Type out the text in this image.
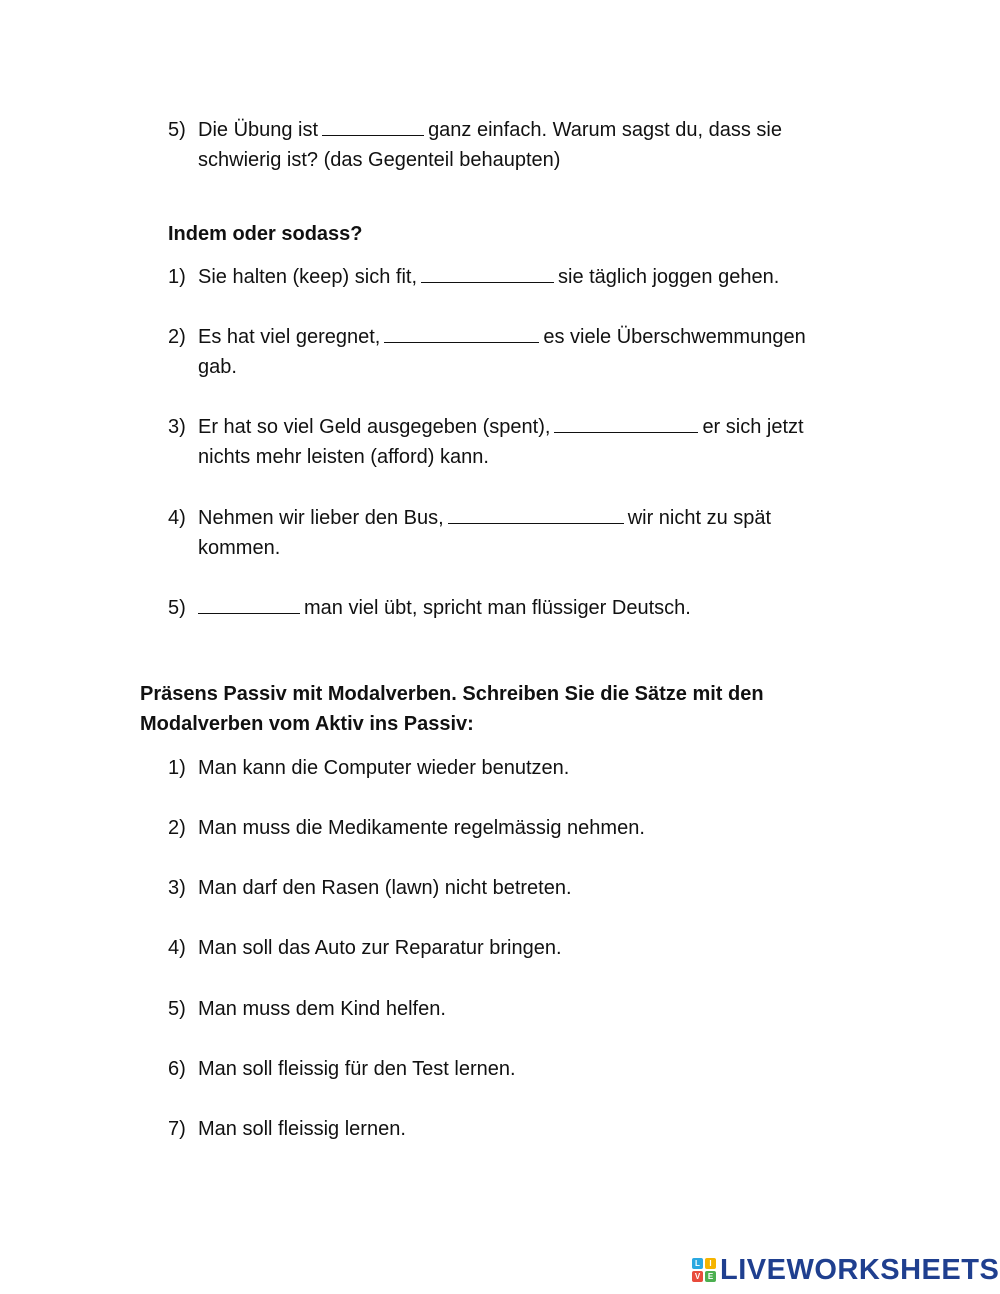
5) Die Übung ist	ganz einfach. Warum sagst du, dass sie
schwierig ist? (das Gegenteil behaupten)
Indem oder sodass?
1) Sie halten (keep) sich fit,	sie täglich joggen gehen.
2) Es hat viel geregnet,	es viele Überschwemmungen
gab.
3) Er hat so viel Geld ausgegeben (spent),	er sich jetzt
nichts mehr leisten (afford) kann.
4) Nehmen wir lieber den Bus,	wir nicht zu spät
kommen.
5)	man viel übt, spricht man flüssiger Deutsch.
Präsens Passiv mit Modalverben. Schreiben Sie die Sätze mit den
Modalverben vom Aktiv ins Passiv:
1) Man kann die Computer wieder benutzen.
2) Man muss die Medikamente regelmässig nehmen.
3) Man darf den Rasen (lawn) nicht betreten.
4) Man soll das Auto zur Reparatur bringen.
5) Man muss dem Kind helfen.
6) Man soll fleissig für den Test lernen.
7) Man soll fleissig lernen.
L	I
V E LIVEWORKSHEETS
